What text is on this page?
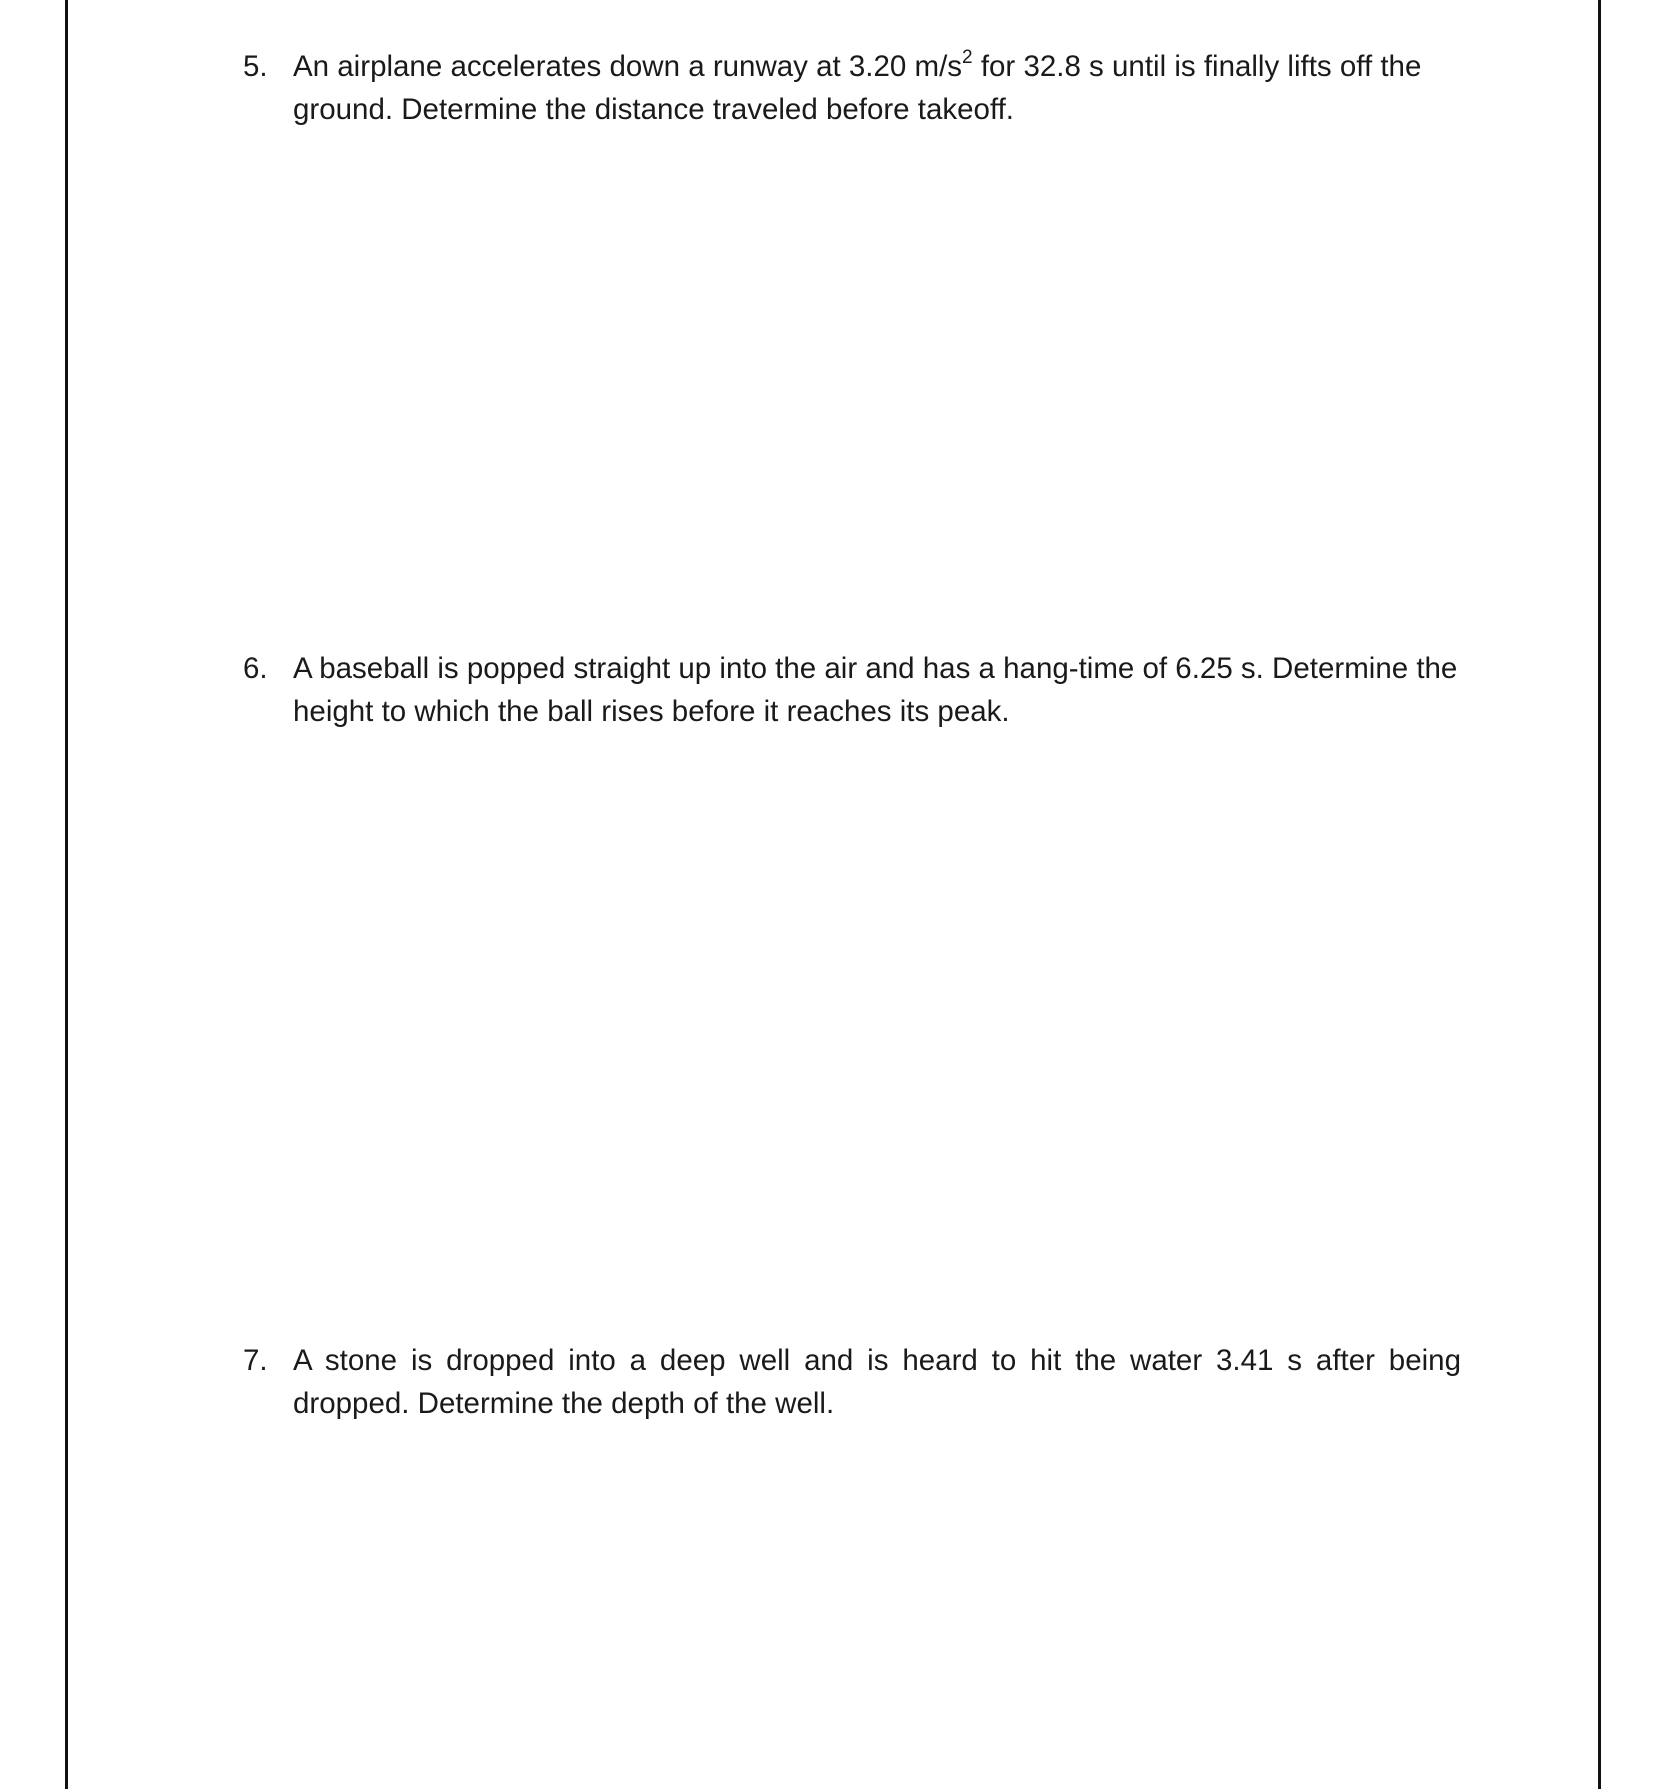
5. An airplane accelerates down a runway at 3.20 $m/s^2$ for 32.8 s until is finally lifts off the ground. Determine the distance traveled before takeoff.
6. A baseball is popped straight up into the air and has a hang-time of 6.25 s. Determine the height to which the ball rises before it reaches its peak.
7. A stone is dropped into a deep well and is heard to hit the water 3.41 s after being dropped. Determine the depth of the well.
